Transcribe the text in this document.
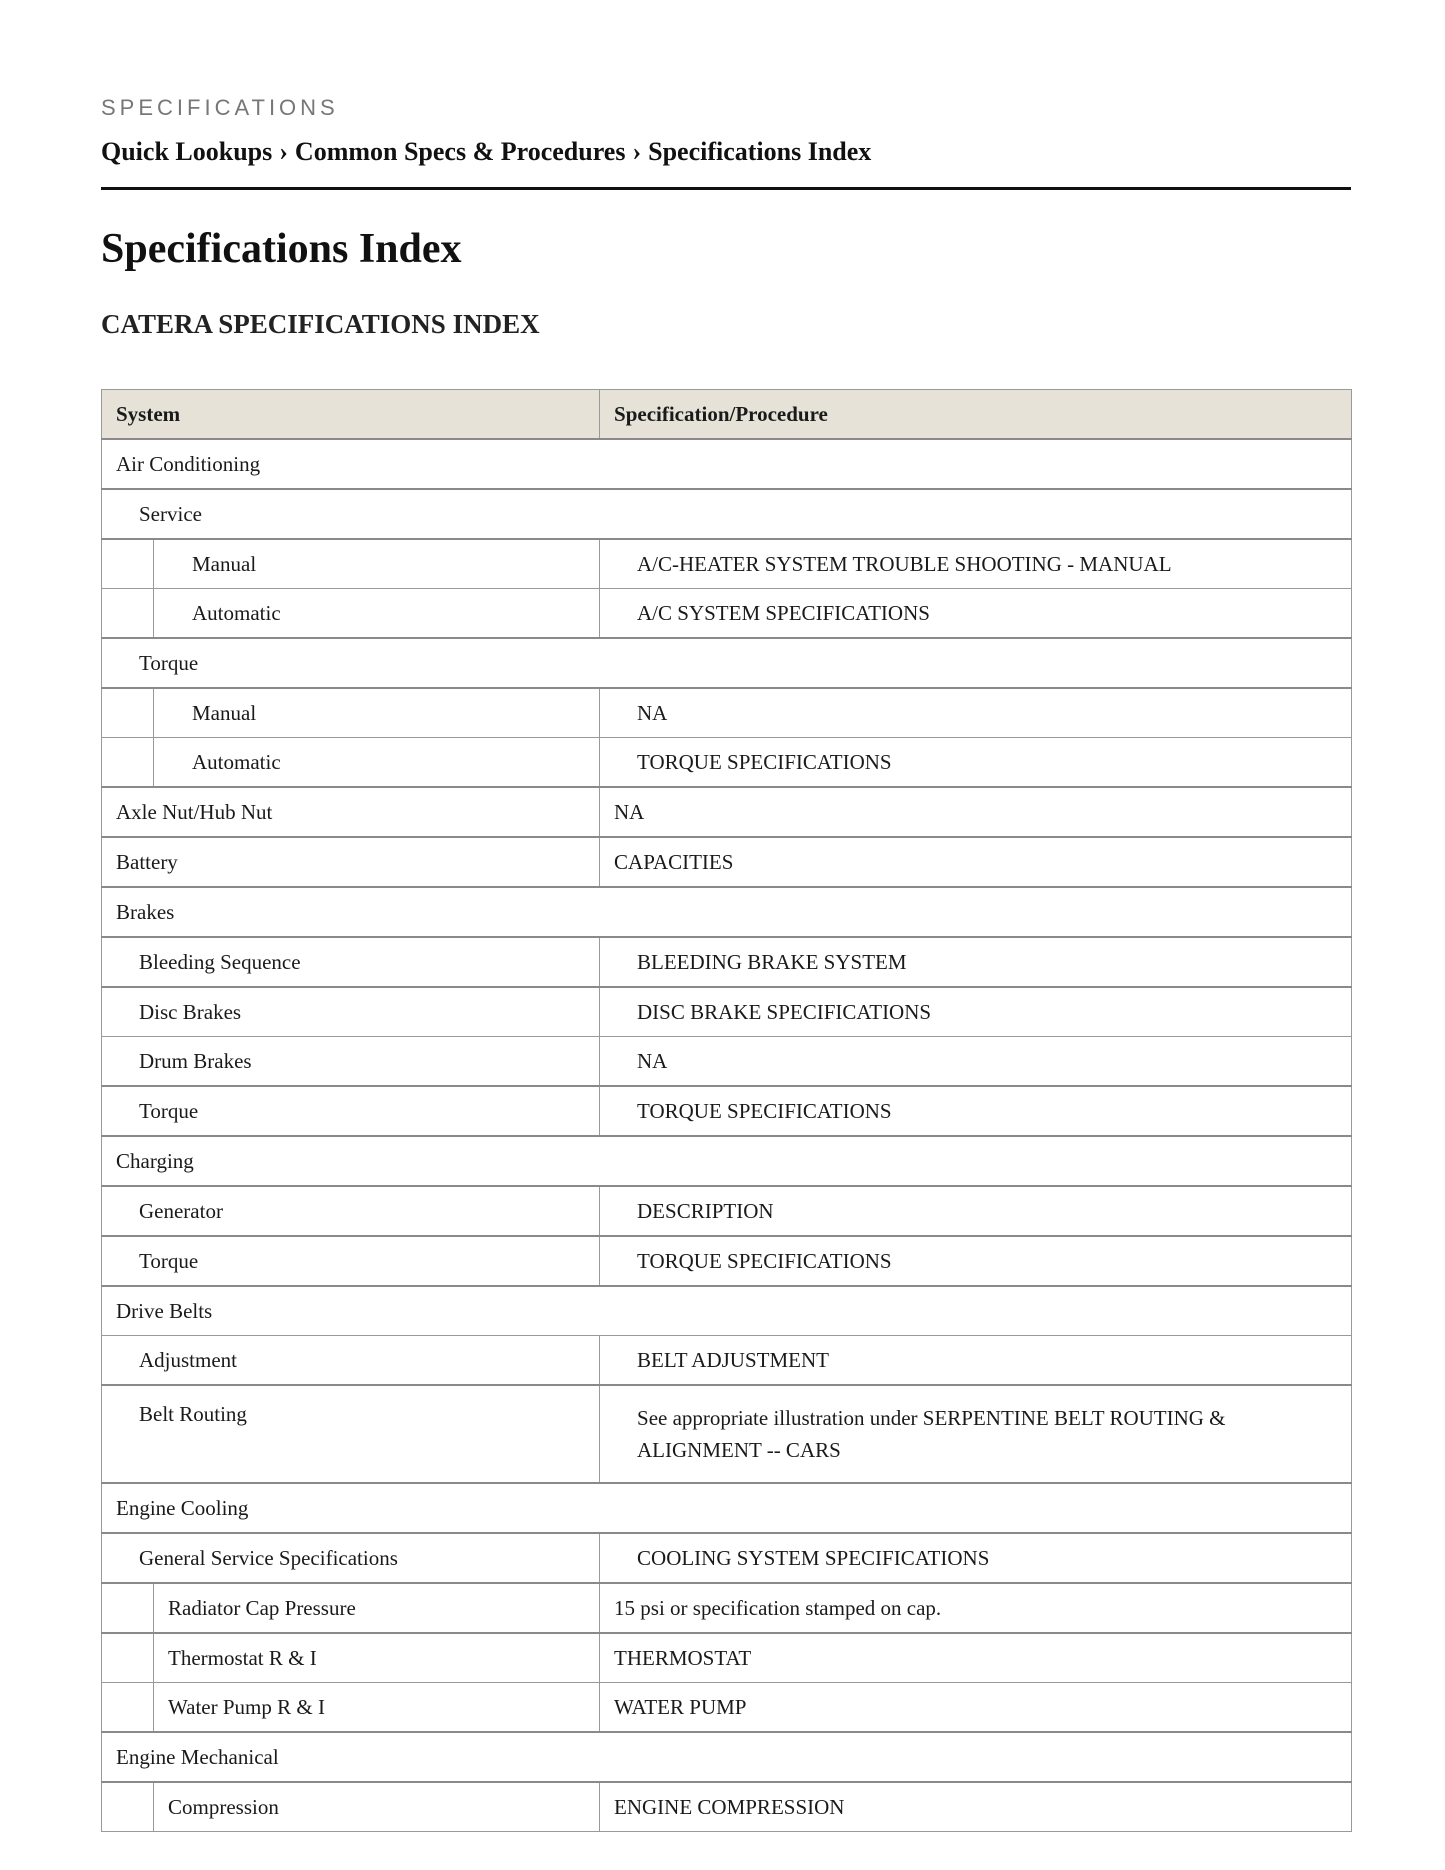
SPECIFICATIONS
Quick Lookups › Common Specs & Procedures › Specifications Index
Specifications Index
CATERA SPECIFICATIONS INDEX
System		Specification/Procedure
Air Conditioning		
Service		
	Manual	A/C-HEATER SYSTEM TROUBLE SHOOTING - MANUAL
	Automatic	A/C SYSTEM SPECIFICATIONS
Torque		
	Manual	NA
	Automatic	TORQUE SPECIFICATIONS
Axle Nut/Hub Nut		NA
Battery		CAPACITIES
Brakes		
Bleeding Sequence		BLEEDING BRAKE SYSTEM
Disc Brakes		DISC BRAKE SPECIFICATIONS
Drum Brakes		NA
Torque		TORQUE SPECIFICATIONS
Charging		
Generator		DESCRIPTION
Torque		TORQUE SPECIFICATIONS
Drive Belts		
Adjustment		BELT ADJUSTMENT
Belt Routing		See appropriate illustration under SERPENTINE BELT ROUTING & ALIGNMENT -- CARS
Engine Cooling		
General Service Specifications		COOLING SYSTEM SPECIFICATIONS
	Radiator Cap Pressure	15 psi or specification stamped on cap.
	Thermostat R & I	THERMOSTAT
	Water Pump R & I	WATER PUMP
Engine Mechanical		
	Compression	ENGINE COMPRESSION
